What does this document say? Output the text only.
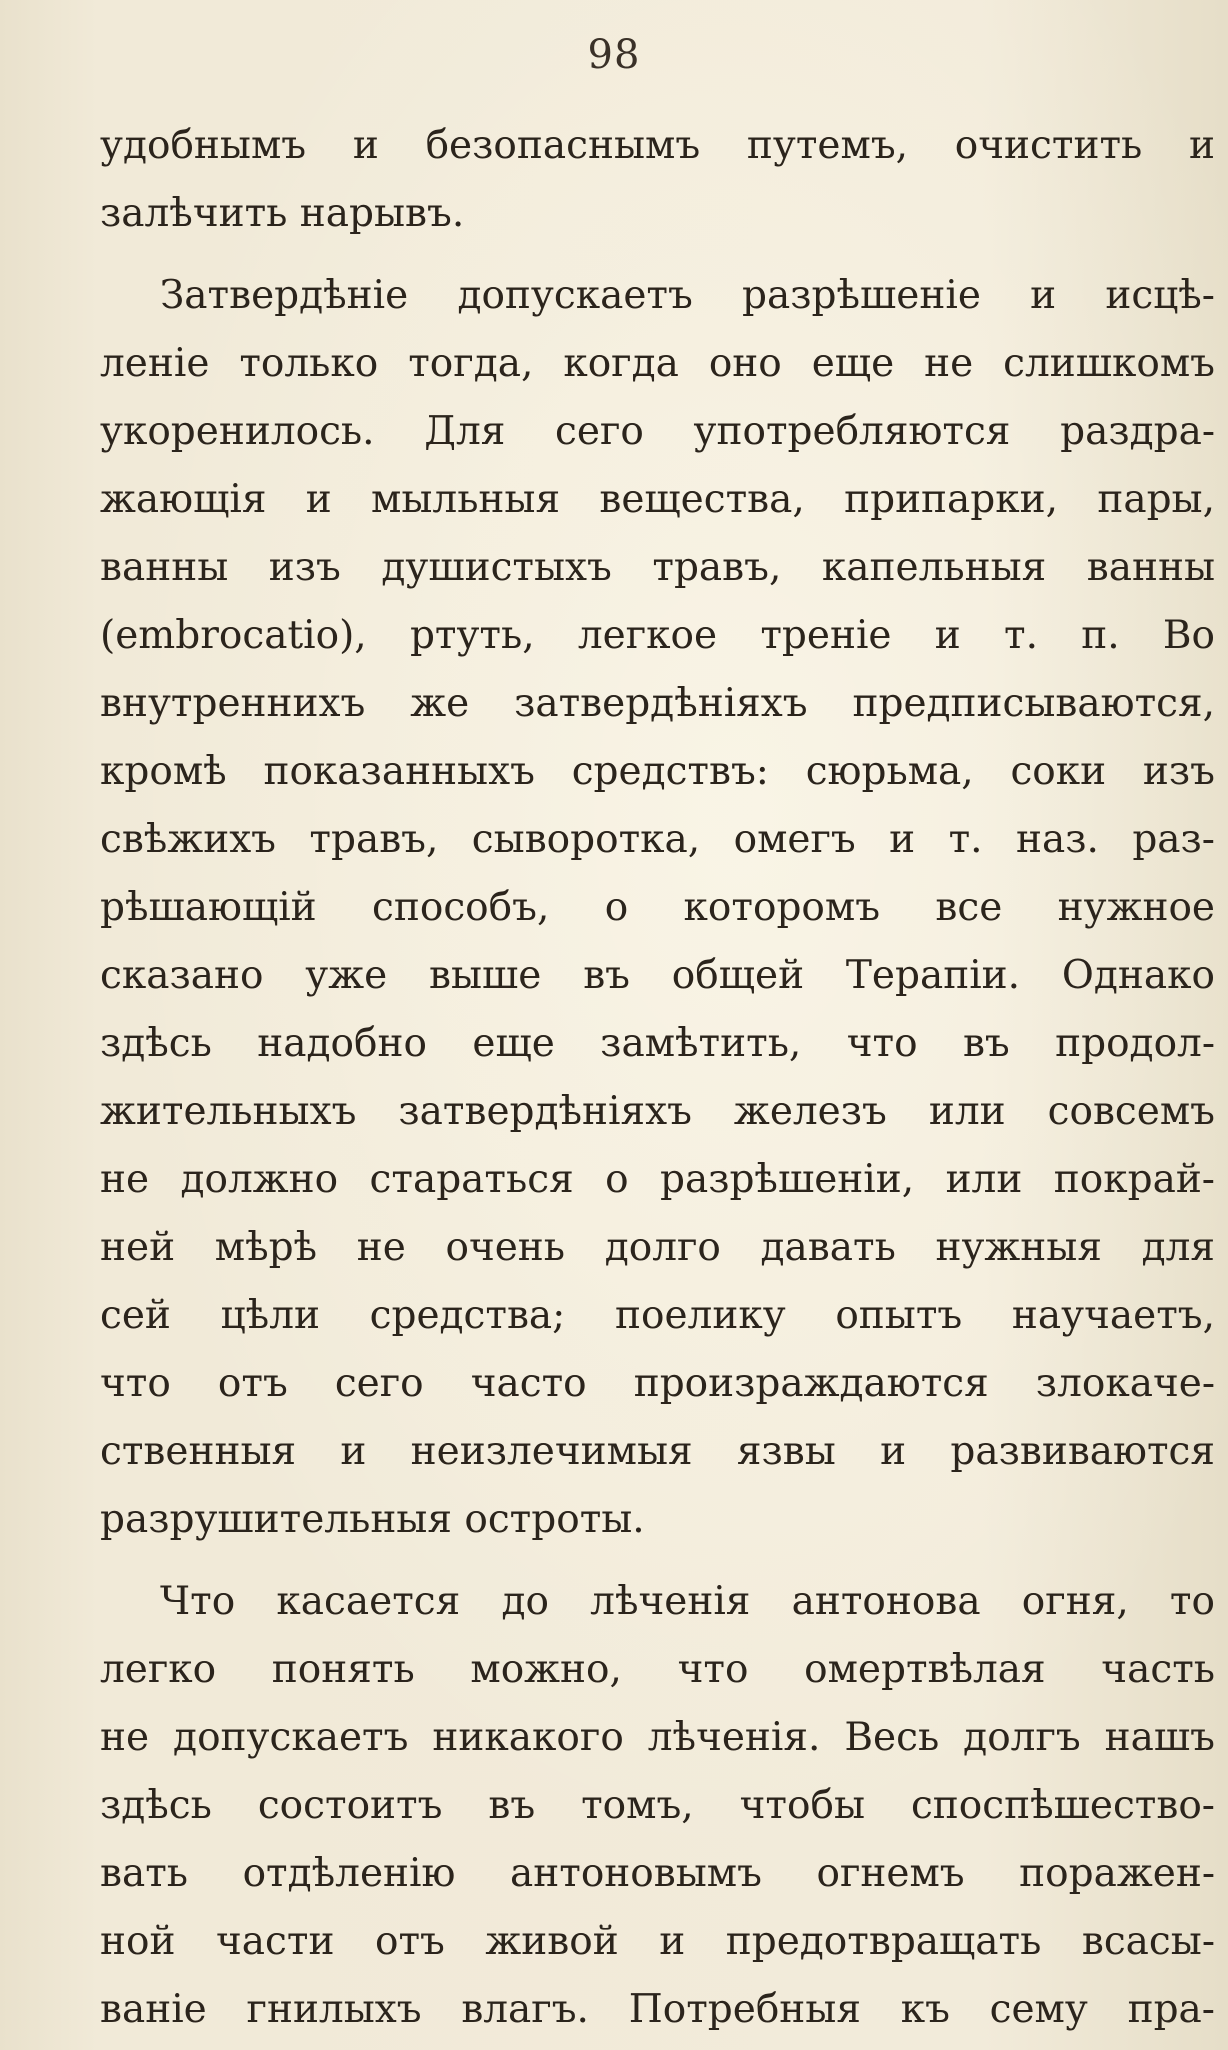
98
удобнымъ и безопаснымъ путемъ, очистить и
залѣчить нарывъ.
Затвердѣніе допускаетъ разрѣшеніе и исцѣ-
леніе только тогда, когда оно еще не слишкомъ
укоренилось. Для сего употребляются раздра-
жающія и мыльныя вещества, припарки, пары,
ванны изъ душистыхъ травъ, капельныя ванны
(embrocatio), ртуть, легкое треніе и т. п. Во
внутреннихъ же затвердѣніяхъ предписываются,
кромѣ показанныхъ средствъ: сюрьма, соки изъ
свѣжихъ травъ, сыворотка, омегъ и т. наз. раз-
рѣшающій способъ, о которомъ все нужное
сказано уже выше въ общей Терапіи. Однако
здѣсь надобно еще замѣтить, что въ продол-
жительныхъ затвердѣніяхъ железъ или совсемъ
не должно стараться о разрѣшеніи, или покрай-
ней мѣрѣ не очень долго давать нужныя для
сей цѣли средства; поелику опытъ научаетъ,
что отъ сего часто произраждаются злокаче-
ственныя и неизлечимыя язвы и развиваются
разрушительныя остроты.
Что касается до лѣченія антонова огня, то
легко понять можно, что омертвѣлая часть
не допускаетъ никакого лѣченія. Весь долгъ нашъ
здѣсь состоитъ въ томъ, чтобы споспѣшество-
вать отдѣленію антоновымъ огнемъ поражен-
ной части отъ живой и предотвращать всасы-
ваніе гнилыхъ влагъ. Потребныя къ сему пра-
